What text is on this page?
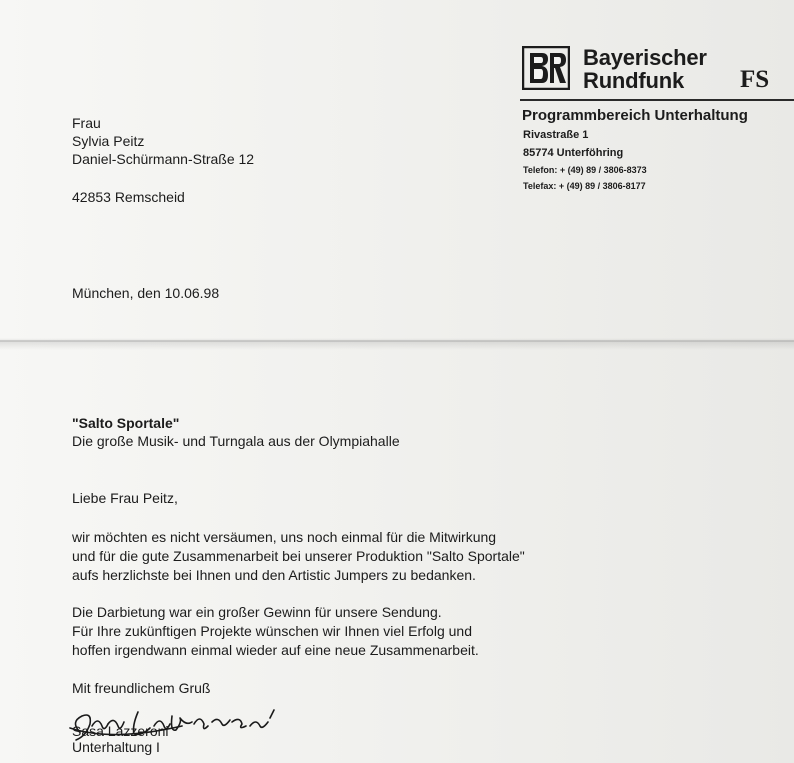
Bayerischer
Rundfunk FS
Programmbereich Unterhaltung
Rivastraße 1
85774 Unterföhring
Telefon: + (49) 89 / 3806-8373
Telefax: + (49) 89 / 3806-8177
Frau
Sylvia Peitz
Daniel-Schürmann-Straße 12
42853 Remscheid
München, den 10.06.98
"Salto Sportale"
Die große Musik- und Turngala aus der Olympiahalle
Liebe Frau Peitz,
wir möchten es nicht versäumen, uns noch einmal für die Mitwirkung
und für die gute Zusammenarbeit bei unserer Produktion "Salto Sportale"
aufs herzlichste bei Ihnen und den Artistic Jumpers zu bedanken.
Die Darbietung war ein großer Gewinn für unsere Sendung.
Für Ihre zukünftigen Projekte wünschen wir Ihnen viel Erfolg und
hoffen irgendwann einmal wieder auf eine neue Zusammenarbeit.
Mit freundlichem Gruß
Sasa Lazzeroni
Unterhaltung I
